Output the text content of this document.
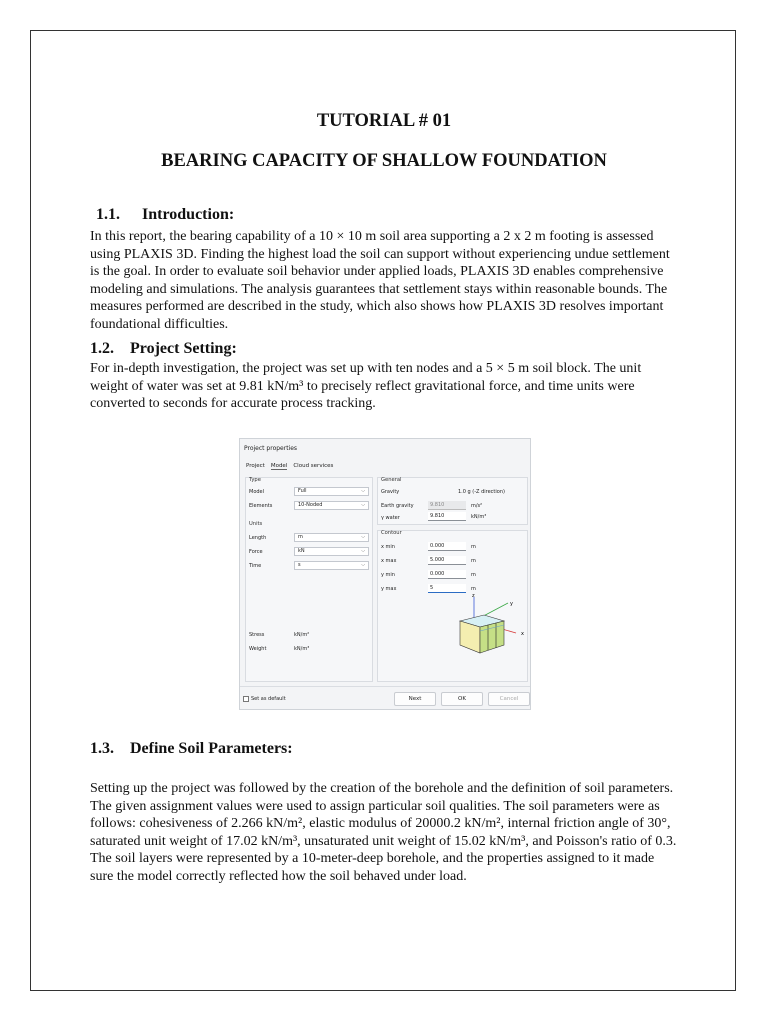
TUTORIAL # 01
BEARING CAPACITY OF SHALLOW FOUNDATION
1.1. Introduction:

In this report, the bearing capability of a 10 × 10 m soil area supporting a 2 x 2 m footing is assessed using PLAXIS 3D. Finding the highest load the soil can support without experiencing undue settlement is the goal. In order to evaluate soil behavior under applied loads, PLAXIS 3D enables comprehensive modeling and simulations. The analysis guarantees that settlement stays within reasonable bounds. The measures performed are described in the study, which also shows how PLAXIS 3D resolves important foundational difficulties.

1.2. Project Setting:

For in-depth investigation, the project was set up with ten nodes and a 5 × 5 m soil block. The unit weight of water was set at 9.81 kN/m³ to precisely reflect gravitational force, and time units were converted to seconds for accurate process tracking.

Project properties
Project Model Cloud services
Type
Model	Full	⌵
Elements	10-Noded	⌵
Units
Length	m	⌵
Force	kN	⌵
Time	s	⌵
Stress	kN/m²
Weight	kN/m³
General
Gravity	1.0 g (-Z direction)
Earth gravity	9.810	m/s²
γ water	9.810	kN/m³
Contour
x min	0.000	m
x max	5.000	m
y min	0.000	m
y max	5	m
z
y
x
Set as default	Next	OK	Cancel
1.3. Define Soil Parameters:

Setting up the project was followed by the creation of the borehole and the definition of soil parameters. The given assignment values were used to assign particular soil qualities. The soil parameters were as follows: cohesiveness of 2.266 kN/m², elastic modulus of 20000.2 kN/m², internal friction angle of 30°, saturated unit weight of 17.02 kN/m³, unsaturated unit weight of 15.02 kN/m³, and Poisson's ratio of 0.3. The soil layers were represented by a 10-meter-deep borehole, and the properties assigned to it made sure the model correctly reflected how the soil behaved under load.
